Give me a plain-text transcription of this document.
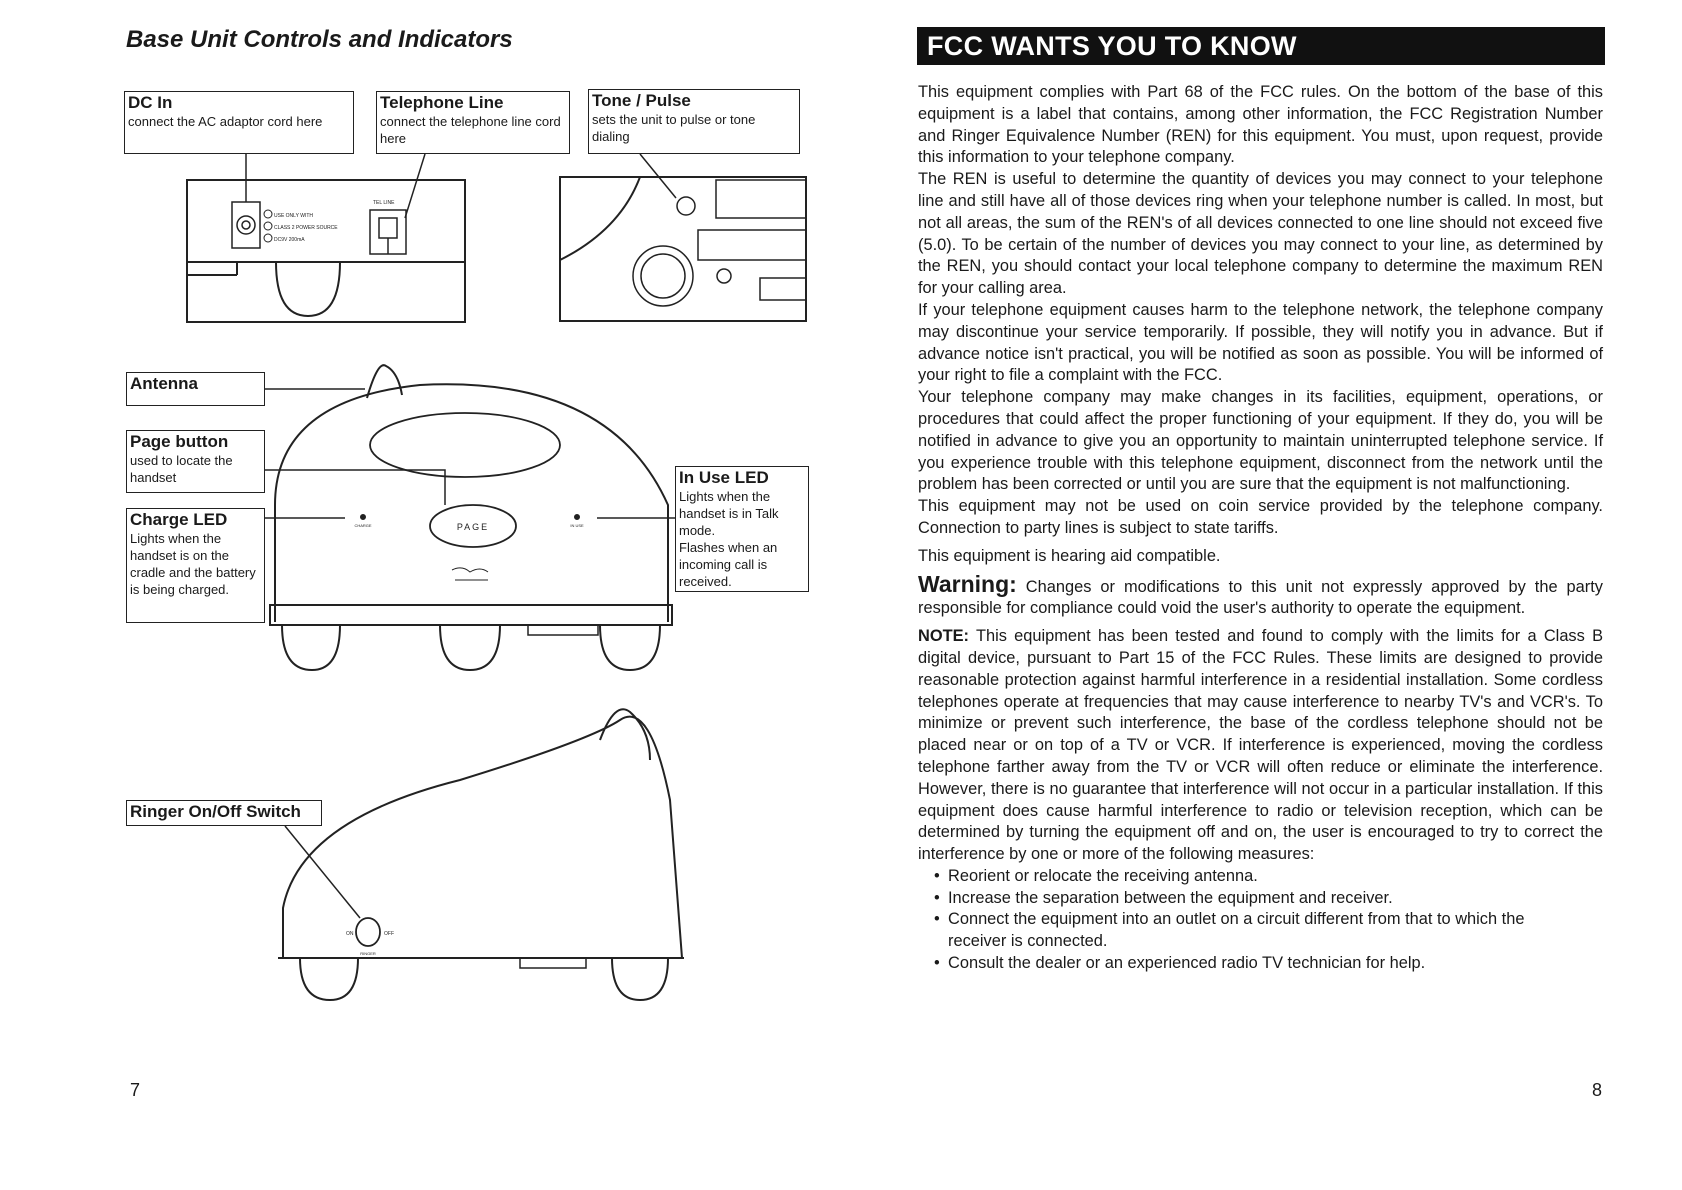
USE ONLY WITH
CLASS 2 POWER SOURCE
DC9V 200mA
TEL LINE
PAGE
CHARGE	IN USE
ON	OFF
RINGER
Base Unit Controls and Indicators
DC In
connect the AC adaptor cord here
Telephone Line
connect the telephone line cord here
Tone / Pulse
sets the unit to pulse or tone dialing
Antenna
Page button
used to locate the handset
Charge LED
Lights when the handset is on the cradle and the battery is being charged.
In Use LED
Lights when the handset is in Talk mode.
Flashes when an incoming call is received.
Ringer On/Off Switch
7
FCC WANTS YOU TO KNOW

This equipment complies with Part 68 of the FCC rules. On the bottom of the base of this equipment is a label that contains, among other information, the FCC Registration Number and Ringer Equivalence Number (REN) for this equipment. You must, upon request, provide this information to your telephone company.

The REN is useful to determine the quantity of devices you may connect to your telephone line and still have all of those devices ring when your telephone number is called. In most, but not all areas, the sum of the REN's of all devices connected to one line should not exceed five (5.0). To be certain of the number of devices you may connect to your line, as determined by the REN, you should contact your local telephone company to determine the maximum REN for your calling area.

If your telephone equipment causes harm to the telephone network, the telephone company may discontinue your service temporarily. If possible, they will notify you in advance. But if advance notice isn't practical, you will be notified as soon as possible. You will be informed of your right to file a complaint with the FCC.

Your telephone company may make changes in its facilities, equipment, operations, or procedures that could affect the proper functioning of your equipment. If they do, you will be notified in advance to give you an opportunity to maintain uninterrupted telephone service. If you experience trouble with this telephone equipment, disconnect from the network until the problem has been corrected or until you are sure that the equipment is not malfunctioning.

This equipment may not be used on coin service provided by the telephone company. Connection to party lines is subject to state tariffs.

This equipment is hearing aid compatible.

Warning: Changes or modifications to this unit not expressly approved by the party responsible for compliance could void the user's authority to operate the equipment.

NOTE: This equipment has been tested and found to comply with the limits for a Class B digital device, pursuant to Part 15 of the FCC Rules. These limits are designed to provide reasonable protection against harmful interference in a residential installation. Some cordless telephones operate at frequencies that may cause interference to nearby TV's and VCR's. To minimize or prevent such interference, the base of the cordless telephone should not be placed near or on top of a TV or VCR. If interference is experienced, moving the cordless telephone farther away from the TV or VCR will often reduce or eliminate the interference. However, there is no guarantee that interference will not occur in a particular installation. If this equipment does cause harmful interference to radio or television reception, which can be determined by turning the equipment off and on, the user is encouraged to try to correct the interference by one or more of the following measures:

• Reorient or relocate the receiving antenna.
• Increase the separation between the equipment and receiver.
• Connect the equipment into an outlet on a circuit different from that to which the receiver is connected.
• Consult the dealer or an experienced radio TV technician for help.
8
